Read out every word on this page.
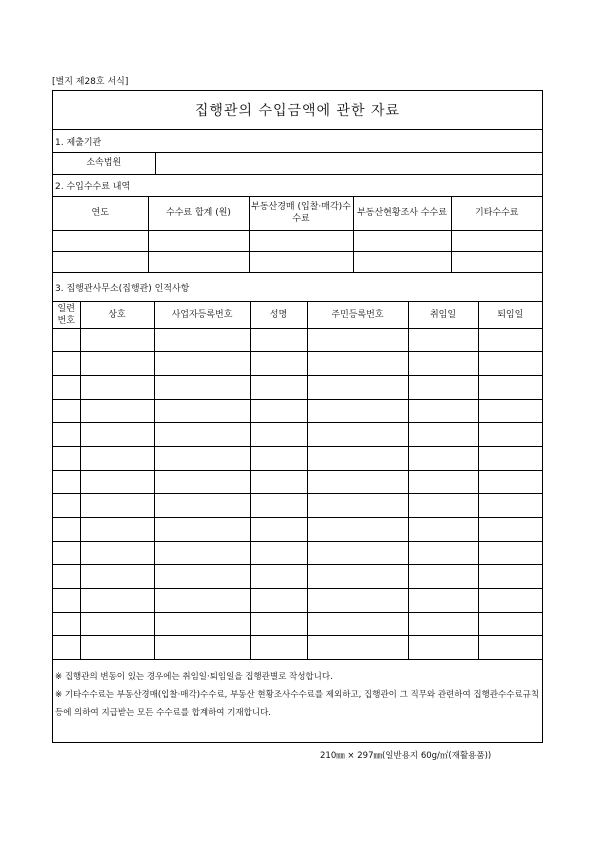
[별지 제28호 서식]
집행관의 수입금액에 관한 자료
1. 제출기관
소속법원	
2. 수입수수료 내역
연도	수수료 합계 (원)	부동산경매 (입찰·매각)수수료	부동산현황조사 수수료	기타수수료

3. 집행관사무소(집행관) 인적사항
일련 번호	상호	사업자등록번호	성명	주민등록번호	취임일	퇴임일

※ 집행관의 변동이 있는 경우에는 취임일·퇴임일을 집행관별로 작성합니다.
※ 기타수수료는 부동산경매(입찰·매각)수수료, 부동산 현황조사수수료를 제외하고, 집행관이 그 직무와 관련하여 집행관수수료규칙 등에 의하여 지급받는 모든 수수료를 합계하여 기재합니다.
210㎜ × 297㎜(일반용지 60g/㎡(재활용품))
